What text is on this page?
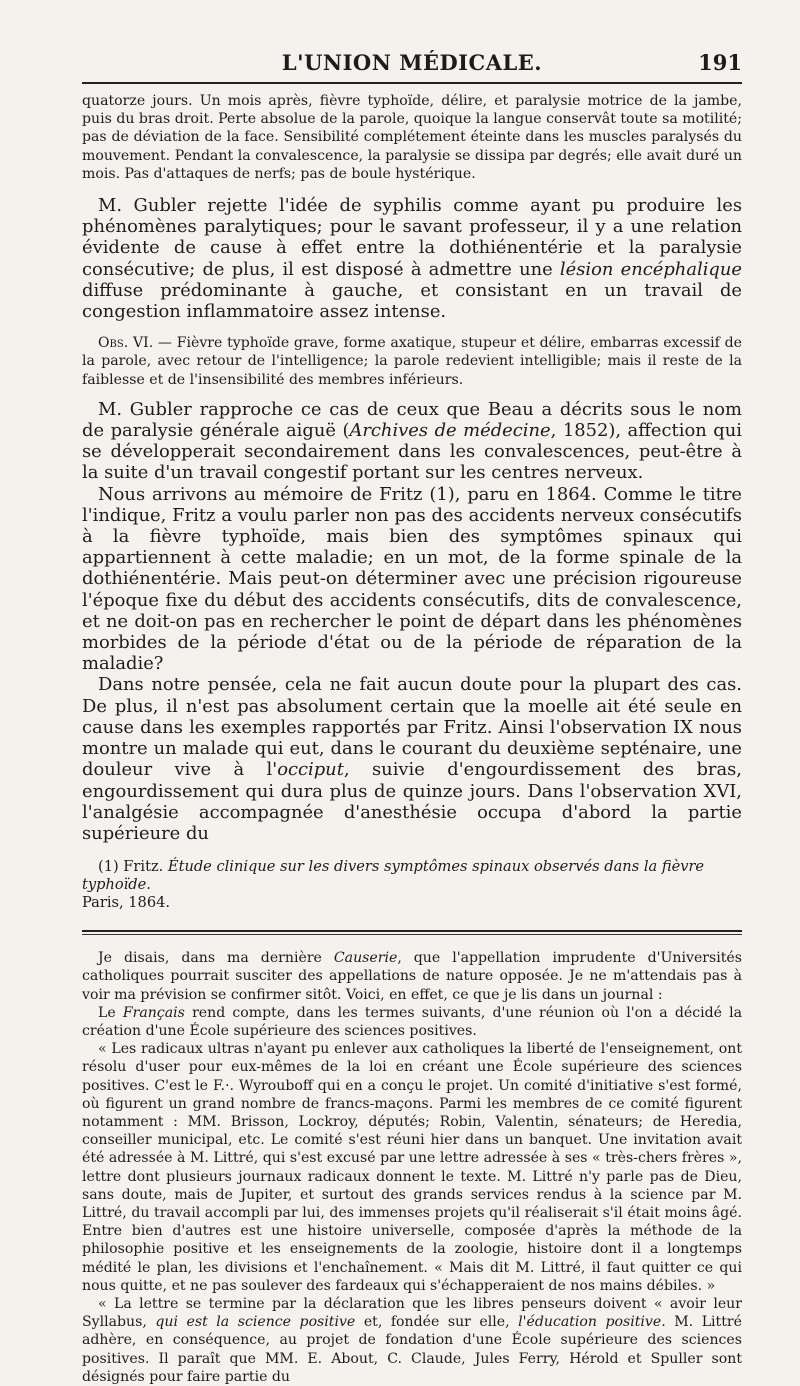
L'UNION MÉDICALE.	191

quatorze jours. Un mois après, fièvre typhoïde, délire, et paralysie motrice de la jambe, puis du bras droit. Perte absolue de la parole, quoique la langue conservât toute sa motilité; pas de déviation de la face. Sensibilité complétement éteinte dans les muscles paralysés du mouvement. Pendant la convalescence, la paralysie se dissipa par degrés; elle avait duré un mois. Pas d'attaques de nerfs; pas de boule hystérique.

M. Gubler rejette l'idée de syphilis comme ayant pu produire les phénomènes paralytiques; pour le savant professeur, il y a une relation évidente de cause à effet entre la dothiénentérie et la paralysie consécutive; de plus, il est disposé à admettre une lésion encéphalique diffuse prédominante à gauche, et consistant en un travail de congestion inflammatoire assez intense.

Obs. VI. — Fièvre typhoïde grave, forme axatique, stupeur et délire, embarras excessif de la parole, avec retour de l'intelligence; la parole redevient intelligible; mais il reste de la faiblesse et de l'insensibilité des membres inférieurs.

M. Gubler rapproche ce cas de ceux que Beau a décrits sous le nom de paralysie générale aiguë (Archives de médecine, 1852), affection qui se développerait secondairement dans les convalescences, peut-être à la suite d'un travail congestif portant sur les centres nerveux.

Nous arrivons au mémoire de Fritz (1), paru en 1864. Comme le titre l'indique, Fritz a voulu parler non pas des accidents nerveux consécutifs à la fièvre typhoïde, mais bien des symptômes spinaux qui appartiennent à cette maladie; en un mot, de la forme spinale de la dothiénentérie. Mais peut-on déterminer avec une précision rigoureuse l'époque fixe du début des accidents consécutifs, dits de convalescence, et ne doit-on pas en rechercher le point de départ dans les phénomènes morbides de la période d'état ou de la période de réparation de la maladie?

Dans notre pensée, cela ne fait aucun doute pour la plupart des cas. De plus, il n'est pas absolument certain que la moelle ait été seule en cause dans les exemples rapportés par Fritz. Ainsi l'observation IX nous montre un malade qui eut, dans le courant du deuxième septénaire, une douleur vive à l'occiput, suivie d'engourdissement des bras, engourdissement qui dura plus de quinze jours. Dans l'observation XVI, l'analgésie accompagnée d'anesthésie occupa d'abord la partie supérieure du

(1) Fritz. Étude clinique sur les divers symptômes spinaux observés dans la fièvre typhoïde.
Paris, 1864.

Je disais, dans ma dernière Causerie, que l'appellation imprudente d'Universités catholiques pourrait susciter des appellations de nature opposée. Je ne m'attendais pas à voir ma prévision se confirmer sitôt. Voici, en effet, ce que je lis dans un journal :

Le Français rend compte, dans les termes suivants, d'une réunion où l'on a décidé la création d'une École supérieure des sciences positives.

« Les radicaux ultras n'ayant pu enlever aux catholiques la liberté de l'enseignement, ont résolu d'user pour eux-mêmes de la loi en créant une École supérieure des sciences positives. C'est le F.·. Wyrouboff qui en a conçu le projet. Un comité d'initiative s'est formé, où figurent un grand nombre de francs-maçons. Parmi les membres de ce comité figurent notamment : MM. Brisson, Lockroy, députés; Robin, Valentin, sénateurs; de Heredia, conseiller municipal, etc. Le comité s'est réuni hier dans un banquet. Une invitation avait été adressée à M. Littré, qui s'est excusé par une lettre adressée à ses « très-chers frères », lettre dont plusieurs journaux radicaux donnent le texte. M. Littré n'y parle pas de Dieu, sans doute, mais de Jupiter, et surtout des grands services rendus à la science par M. Littré, du travail accompli par lui, des immenses projets qu'il réaliserait s'il était moins âgé. Entre bien d'autres est une histoire universelle, composée d'après la méthode de la philosophie positive et les enseignements de la zoologie, histoire dont il a longtemps médité le plan, les divisions et l'enchaînement. « Mais dit M. Littré, il faut quitter ce qui nous quitte, et ne pas soulever des fardeaux qui s'échapperaient de nos mains débiles. »

« La lettre se termine par la déclaration que les libres penseurs doivent « avoir leur Syllabus, qui est la science positive et, fondée sur elle, l'éducation positive. M. Littré adhère, en conséquence, au projet de fondation d'une École supérieure des sciences positives. Il paraît que MM. E. About, C. Claude, Jules Ferry, Hérold et Spuller sont désignés pour faire partie du
